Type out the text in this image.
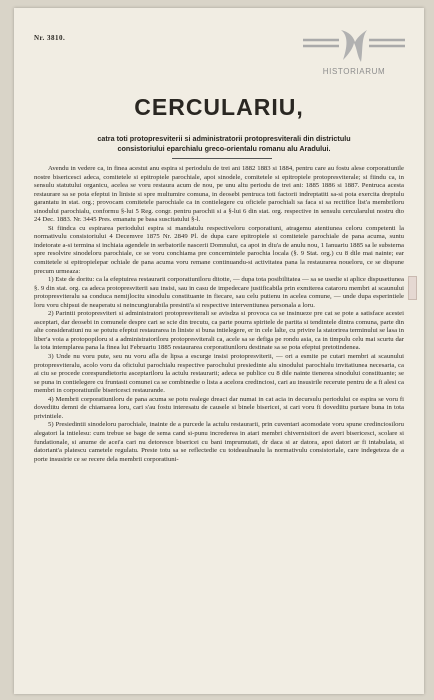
Nr. 3810.
HISTORIARUM
CERCULARIU,
catra toti protopresviterii si administratorii protopresviterali din districtulu
consistoriului eparchialu greco-orientalu romanu alu Aradului.

Avendu in vedere ca, in finea acestui anu espira si periodulu de trei ani 1882 1883 si 1884, pentru care au fostu alese corporatiunile nostre bisericesci adeca, comitetele si epitropiele parochiale, apoi sinodele, comitetele si epitropiele protopresviterale; si fiindu ca, in sensulu statutului organicu, acelea se voru restaura acum de nou, pe unu altu periodu de trei ani: 1885 1886 si 1887. Pentruca acesta restaurare sa se pota efeptui in liniste si spre multumire comuna, in deosebi pentruca toti factorii indreptatiti sa-si pota exercita dreptulu garantatu in stat. org.; provocam comitetele parochiale ca in contielegere cu oficiele parochiali sa faca si sa rectifice list'a membriloru sinodului parochialu, conformu §-lui 5 Reg. congr. pentru parochii si a §-lui 6 din stat. org. respective in sensulu cercularului nostru dto 24 Dec. 1883. Nr. 3445 Pres. emanatu pe basa suscitatului §-l.

Si fiindca cu espirarea periodului espira si mandatulu respectiveloru corporatiuni, atragemu atentiunea celoru competenti la normativulu consistoriului 4 Decemvre 1875 Nr. 2849 Pl. de dupa care epitropiele si comitetele parochiale de pana acuma, suntu indetorate a-si termina si inchiaia agendele in serbatorile nascerii Domnului, ca apoi in diu'a de anulu nou, 1 Ianuariu 1885 sa le substerna spre resolvire sinodeloru parochiale, ce se voru conchiama pre concernintele parochia locala (§. 9 Stat. org.) cu 8 dile mai nainte; ear comitetele si epitropielepar ochiale de pana acuma voru remane continuandu-si activitatea pana la restaurarea noueloru, ce se dispune precum urmeaza:

1) Este de doritu: ca la efeptuirea restaurarii corporatiuniloru ditotte, — dupa tota posibilitatea — sa se usedie si aplice dispusetiunea §. 9 din stat. org. ca adeca protopresviterii sau insisi, sau in casu de impedecare justificabila prin exmiterea cataroru membri ai scaunului protopresviteralu sa conduca nemijlocitu sinodulu constituante in fiecare, sau celu putienu in acelea comune, — unde dupa esperintiele loru voru chipsui de neaperatu si neincungiurabila presinti'a si respective interventiunea personala a loru.

2) Parintii protopresviteri si administratori protopresviterali se avisdza si provoca ca se insinueze pre cat se pote a satisface acestei asceptari, dar deosebi in comunele despre cari se scie din trecutu, ca parte pourra spiritele de partita si tendintele dintra comuna, parte din alte consideratiuni nu se potutu efeptui restaurarea in liniste si buna intielegere, er in cele lalte, cu privire la statorirea terminului se lasa in liber'a voia a protopopiloru si a administratoriloru protopresviterali ca, acele sa se defiga pe rondu asia, ca in timpulu celu mai scurtu dar la tota intemplarea pana la finea lui Februariu 1885 restaurarea corporatiuniloru destinate sa se pota efeptui pretotindenea.

3) Unde nu voru pute, seu nu voru afla de lipsa a escurge insisi protopresviterii, — ori a esmite pe cutari membri ai scaunului protopresviteralu, acolo voru da oficiului parochialu respective parochului presiedinte alu sinodului parochialu invitatiunea necesaria, ca ai ciu se procede corespundietoriu asceptariloru la actulu restaurarii; adeca se publice cu 8 dile nainte tienerea sinodului constituante; se se puna in contielegere cu fruntasii comunei ca se combinedie o lista a acelora credinciosi, cari au insusirile recerute pentru de a fi alesi ca membri in corporatiunile bisericesci restaurande.

4) Membrii corporatiuniloru de pana acuma se potu realege dreaci dar numai in cat acia in decursulu periodului ce espira se voru fi dovediitu demni de chiamarea loru, cari s'au fostu interesatu de causele si binele bisericei, si cari voru fi dovediitu purtare buna in tota privintiele.

5) Presiedintii sinodeloru parochiale, inainte de a purcede la actulu restaurarii, prin cuventari acomodate voru spune credinciosiloru alegatori la intielesu: cum trebue se bage de sema cand si-punu increderea in atari membri chivernisitori de averi bisericesci, scolare si fundationale, si anume de acei'a cari nu detoresce bisericei cu bani imprumutati, dr daca si ar datora, apoi datori ar fi intabulata, si datoriant'a platescu cametele regulatu. Preste totu sa se reflectedie cu totdeaulnaulu la normativulu consistoriale, care indegeteza de a porte insusirie ce se recere dela membrii corporatiuni-
